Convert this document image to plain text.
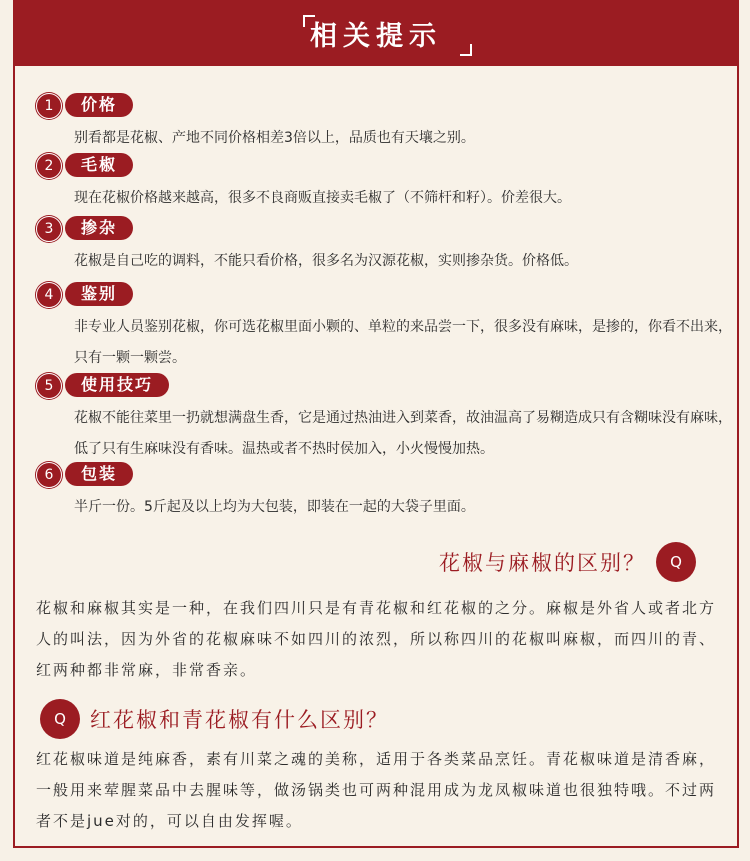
相关提示
1	价格
别看都是花椒、产地不同价格相差3倍以上，品质也有天壤之别。
2	毛椒
现在花椒价格越来越高，很多不良商贩直接卖毛椒了（不筛杆和籽）。价差很大。
3	掺杂
花椒是自己吃的调料，不能只看价格，很多名为汉源花椒，实则掺杂货。价格低。
4	鉴别
非专业人员鉴别花椒，你可选花椒里面小颗的、单粒的来品尝一下，很多没有麻味，是掺的，你看不出来，只有一颗一颗尝。
5	使用技巧
花椒不能往菜里一扔就想满盘生香，它是通过热油进入到菜香，故油温高了易糊造成只有含糊味没有麻味，低了只有生麻味没有香味。温热或者不热时侯加入，小火慢慢加热。
6	包装
半斤一份。5斤起及以上均为大包装，即装在一起的大袋子里面。
花椒与麻椒的区别？	Q
花椒和麻椒其实是一种，在我们四川只是有青花椒和红花椒的之分。麻椒是外省人或者北方人的叫法，因为外省的花椒麻味不如四川的浓烈，所以称四川的花椒叫麻椒，而四川的青、红两种都非常麻，非常香亲。
Q	红花椒和青花椒有什么区别？
红花椒味道是纯麻香，素有川菜之魂的美称，适用于各类菜品烹饪。青花椒味道是清香麻，一般用来荤腥菜品中去腥味等，做汤锅类也可两种混用成为龙凤椒味道也很独特哦。不过两者不是jue对的，可以自由发挥喔。
